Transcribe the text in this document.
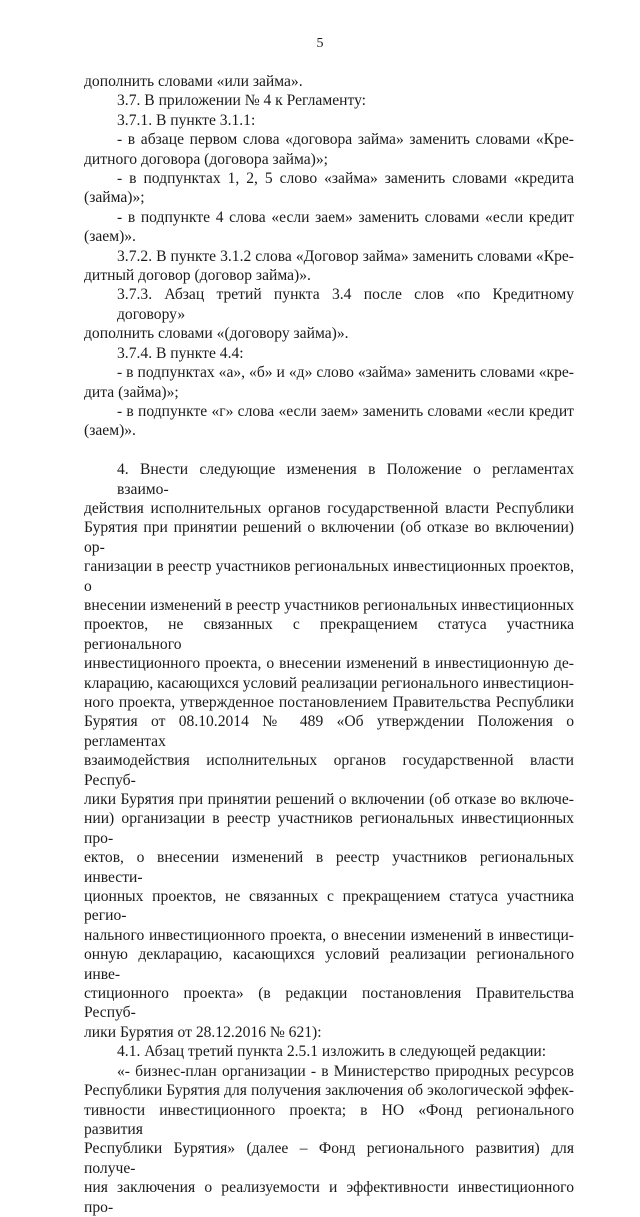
5
дополнить словами «или займа».
3.7. В приложении № 4 к Регламенту:
3.7.1. В пункте 3.1.1:
- в абзаце первом слова «договора займа» заменить словами «Кре-
дитного договора (договора займа)»;
- в подпунктах 1, 2, 5 слово «займа» заменить словами «кредита
(займа)»;
- в подпункте 4 слова «если заем» заменить словами «если кредит
(заем)».
3.7.2. В пункте 3.1.2 слова «Договор займа» заменить словами «Кре-
дитный договор (договор займа)».
3.7.3. Абзац третий пункта 3.4 после слов «по Кредитному договору»
дополнить словами «(договору займа)».
3.7.4. В пункте 4.4:
- в подпунктах «а», «б» и «д» слово «займа» заменить словами «кре-
дита (займа)»;
- в подпункте «г» слова «если заем» заменить словами «если кредит
(заем)».
4. Внести следующие изменения в Положение о регламентах взаимо-
действия исполнительных органов государственной власти Республики
Бурятия при принятии решений о включении (об отказе во включении) ор-
ганизации в реестр участников региональных инвестиционных проектов, о
внесении изменений в реестр участников региональных инвестиционных
проектов, не связанных с прекращением статуса участника регионального
инвестиционного проекта, о внесении изменений в инвестиционную де-
кларацию, касающихся условий реализации регионального инвестицион-
ного проекта, утвержденное постановлением Правительства Республики
Бурятия от 08.10.2014 № 489 «Об утверждении Положения о регламентах
взаимодействия исполнительных органов государственной власти Респуб-
лики Бурятия при принятии решений о включении (об отказе во включе-
нии) организации в реестр участников региональных инвестиционных про-
ектов, о внесении изменений в реестр участников региональных инвести-
ционных проектов, не связанных с прекращением статуса участника регио-
нального инвестиционного проекта, о внесении изменений в инвестици-
онную декларацию, касающихся условий реализации регионального инве-
стиционного проекта» (в редакции постановления Правительства Респуб-
лики Бурятия от 28.12.2016 № 621):
4.1. Абзац третий пункта 2.5.1 изложить в следующей редакции:
«- бизнес-план организации - в Министерство природных ресурсов
Республики Бурятия для получения заключения об экологической эффек-
тивности инвестиционного проекта; в НО «Фонд регионального развития
Республики Бурятия» (далее – Фонд регионального развития) для получе-
ния заключения о реализуемости и эффективности инвестиционного про-
